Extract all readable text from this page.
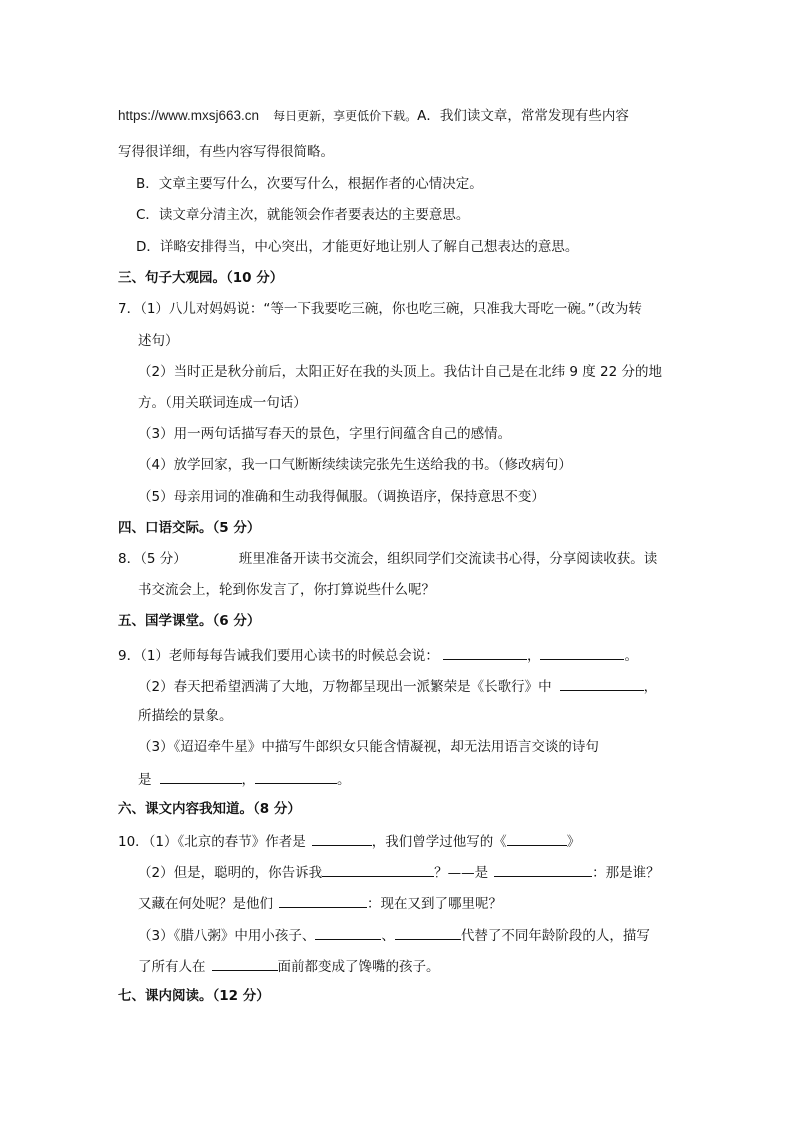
https://www.mxsj663.cn 每日更新，享更低价下载。A．我们读文章，常常发现有些内容
写得很详细，有些内容写得很简略。
B．文章主要写什么，次要写什么，根据作者的心情决定。
C．读文章分清主次，就能领会作者要表达的主要意思。
D．详略安排得当，中心突出，才能更好地让别人了解自己想表达的意思。
三、句子大观园。（10 分）
7．（1）八儿对妈妈说：“等一下我要吃三碗，你也吃三碗，只准我大哥吃一碗。”（改为转
述句）
（2）当时正是秋分前后，太阳正好在我的头顶上。我估计自己是在北纬 9 度 22 分的地
方。（用关联词连成一句话）
（3）用一两句话描写春天的景色，字里行间蕴含自己的感情。
（4）放学回家，我一口气断断续续读完张先生送给我的书。（修改病句）
（5）母亲用词的准确和生动我得佩服。（调换语序，保持意思不变）
四、口语交际。（5 分）
8．（5 分）	班里准备开读书交流会，组织同学们交流读书心得，分享阅读收获。读
书交流会上，轮到你发言了，你打算说些什么呢？
五、国学课堂。（6 分）
9．（1）老师每每告诫我们要用心读书的时候总会说：	，	。
（2）春天把希望洒满了大地，万物都呈现出一派繁荣是《长歌行》中	，
所描绘的景象。
（3）《迢迢牵牛星》中描写牛郎织女只能含情凝视，却无法用语言交谈的诗句
是	，	。
六、课文内容我知道。（8 分）
10．（1）《北京的春节》作者是	，我们曾学过他写的《	》
（2）但是，聪明的，你告诉我	？——是	：那是谁？
又藏在何处呢？是他们	：现在又到了哪里呢？
（3）《腊八粥》中用小孩子、	、	代替了不同年龄阶段的人，描写
了所有人在	面前都变成了馋嘴的孩子。
七、课内阅读。（12 分）
